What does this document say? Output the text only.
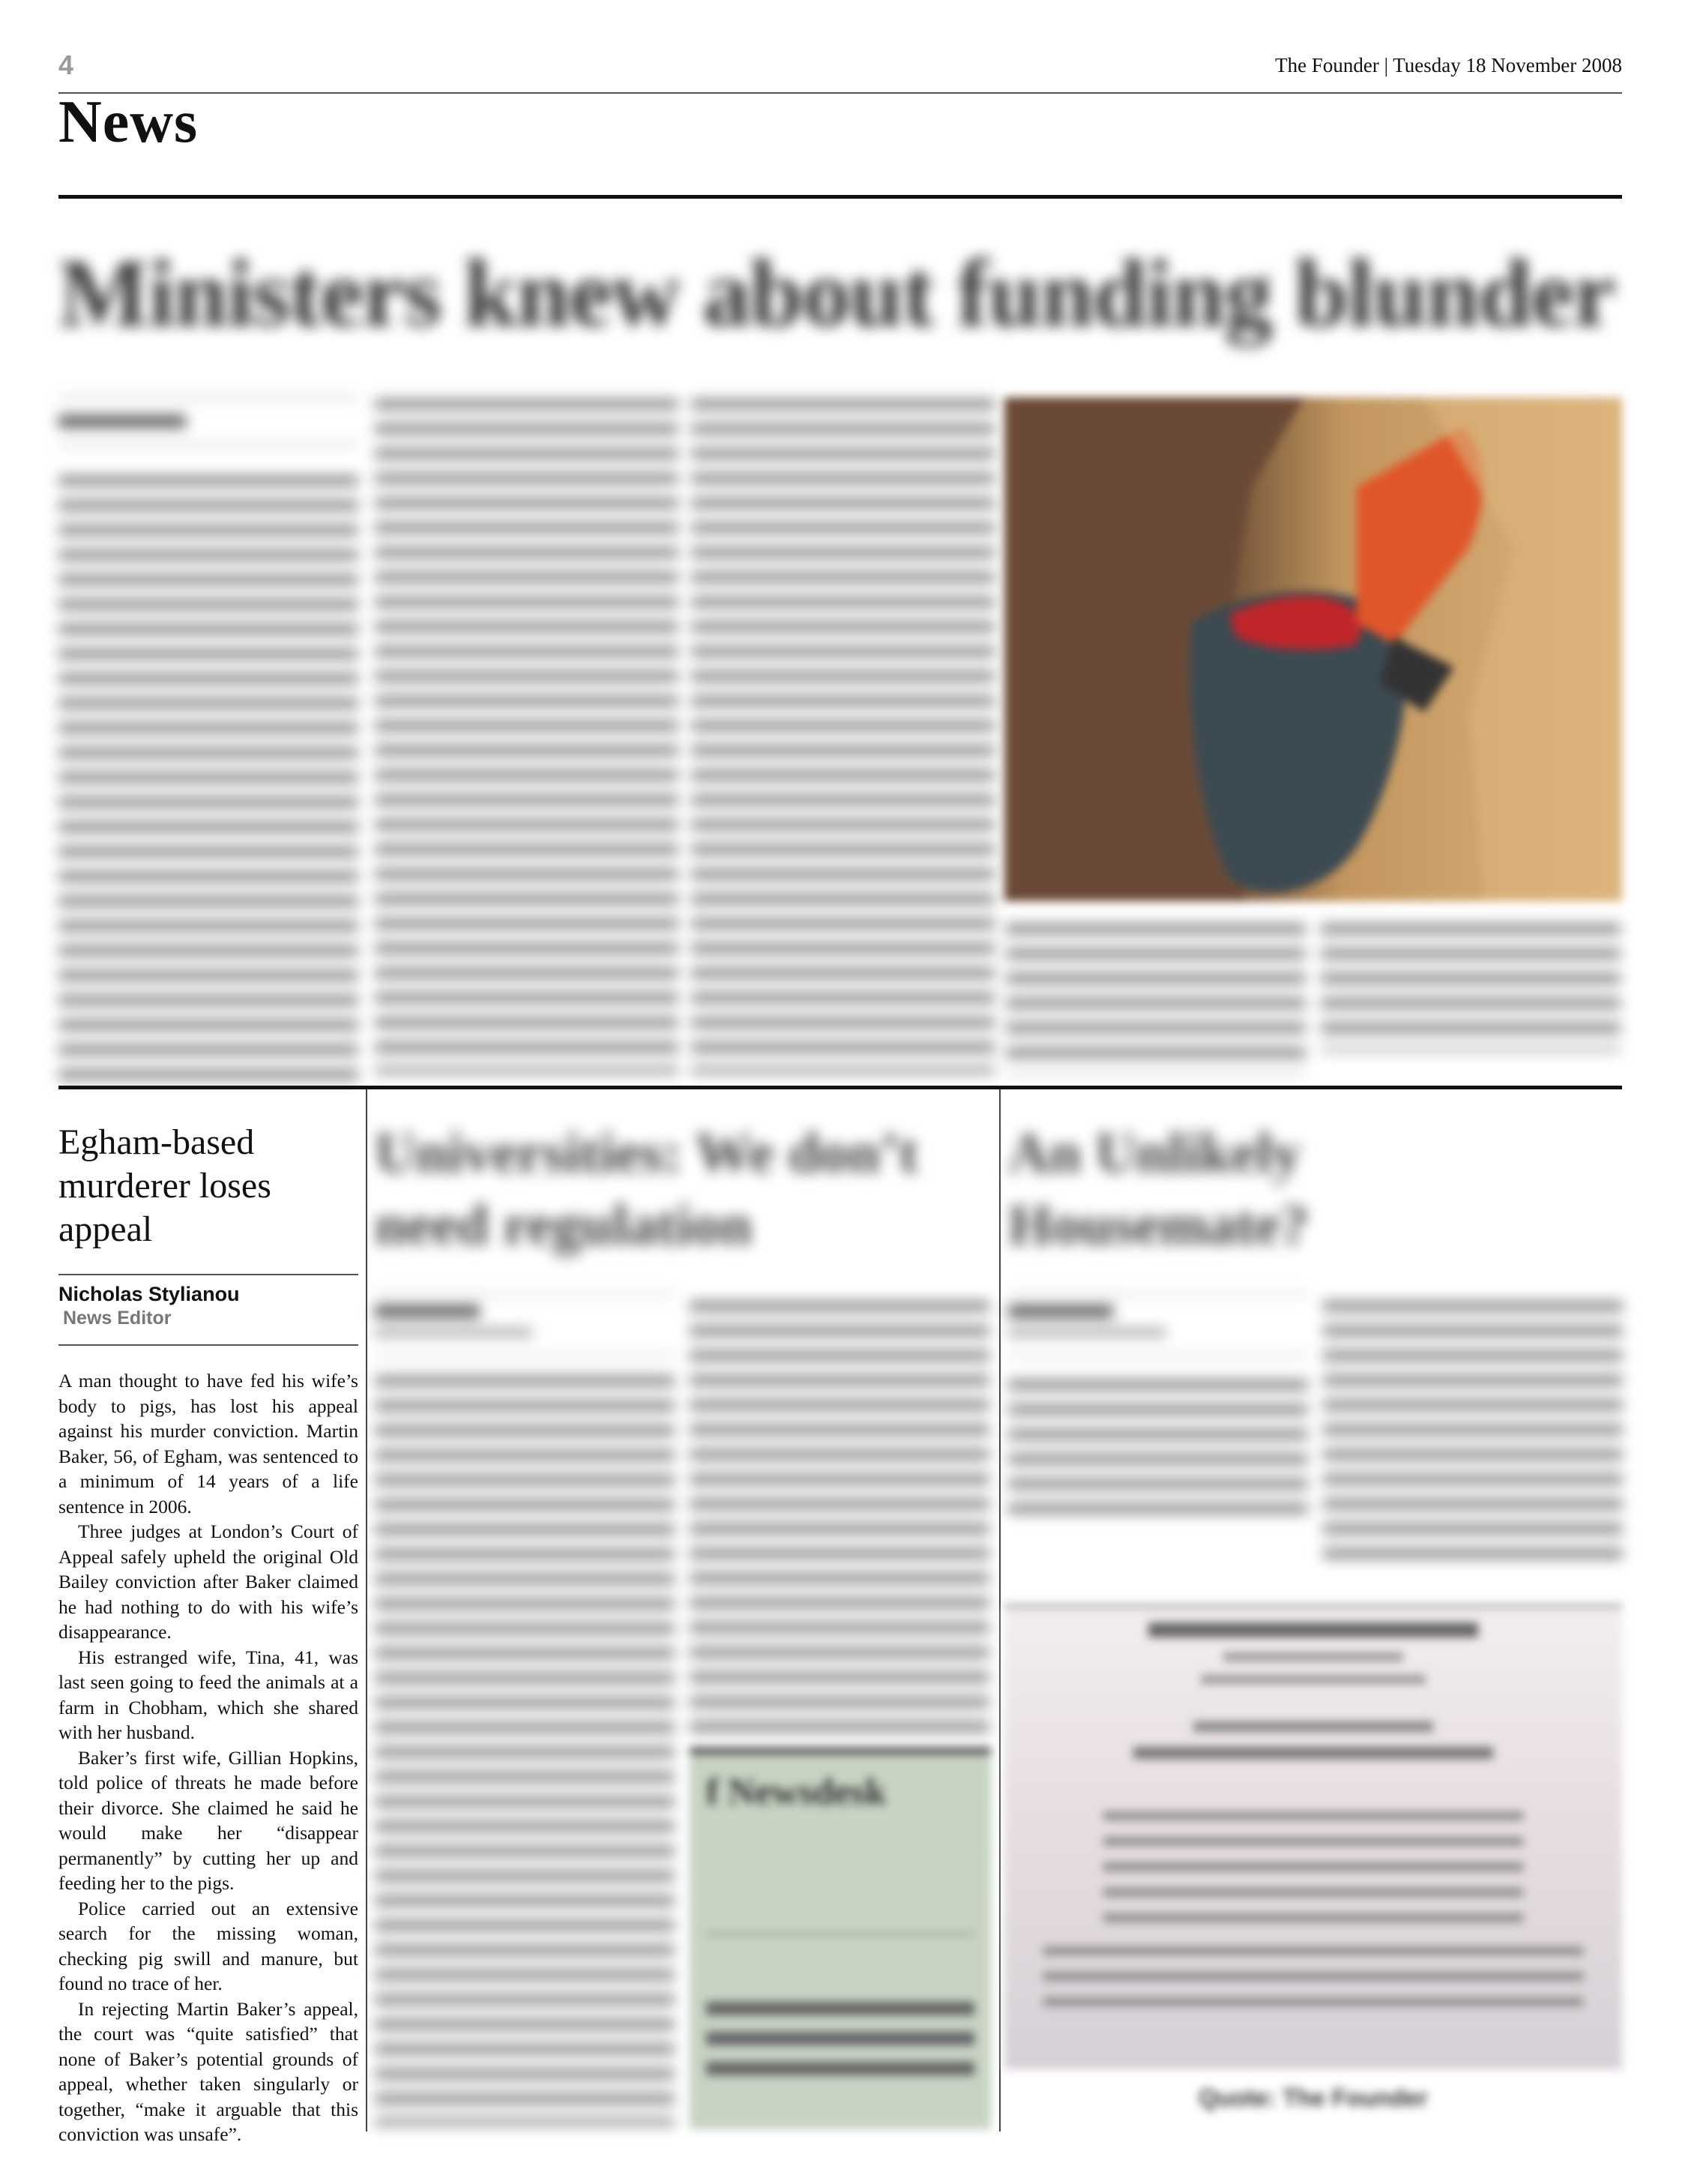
4	The Founder | Tuesday 18 November 2008
News
Ministers knew about funding blunder
Egham-based murderer loses appeal
Nicholas Stylianou
News Editor

A man thought to have fed his wife’s body to pigs, has lost his appeal against his murder conviction. Martin Baker, 56, of Egham, was sentenced to a minimum of 14 years of a life sentence in 2006.

Three judges at London’s Court of Appeal safely upheld the original Old Bailey conviction after Baker claimed he had nothing to do with his wife’s disappearance.

His estranged wife, Tina, 41, was last seen going to feed the animals at a farm in Chobham, which she shared with her husband.

Baker’s first wife, Gillian Hopkins, told police of threats he made before their divorce. She claimed he said he would make her “disappear permanently” by cutting her up and feeding her to the pigs.

Police carried out an extensive search for the missing woman, checking pig swill and manure, but found no trace of her.

In rejecting Martin Baker’s appeal, the court was “quite satisfied” that none of Baker’s potential grounds of appeal, whether taken singularly or together, “make it arguable that this conviction was unsafe”.

Universities: We don’t need regulation
f Newsdesk
An Unlikely Housemate?
Quote: The Founder
